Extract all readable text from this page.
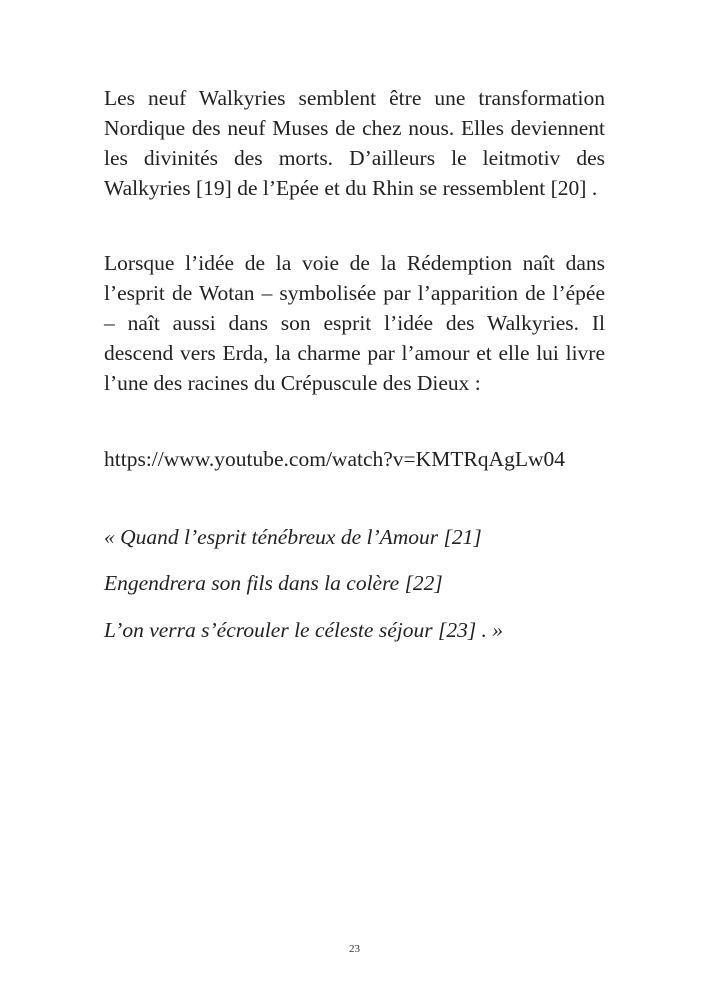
Les neuf Walkyries semblent être une transformation Nordique des neuf Muses de chez nous. Elles deviennent les divinités des morts. D’ailleurs le leitmotiv des Walkyries [19] de l’Epée et du Rhin se ressemblent [20] .

Lorsque l’idée de la voie de la Rédemption naît dans l’esprit de Wotan – symbolisée par l’apparition de l’épée – naît aussi dans son esprit l’idée des Walkyries. Il descend vers Erda, la charme par l’amour et elle lui livre l’une des racines du Crépuscule des Dieux :

https://www.youtube.com/watch?v=KMTRqAgLw04

« Quand l’esprit ténébreux de l’Amour [21]

Engendrera son fils dans la colère [22]

L’on verra s’écrouler le céleste séjour [23] . »

23
